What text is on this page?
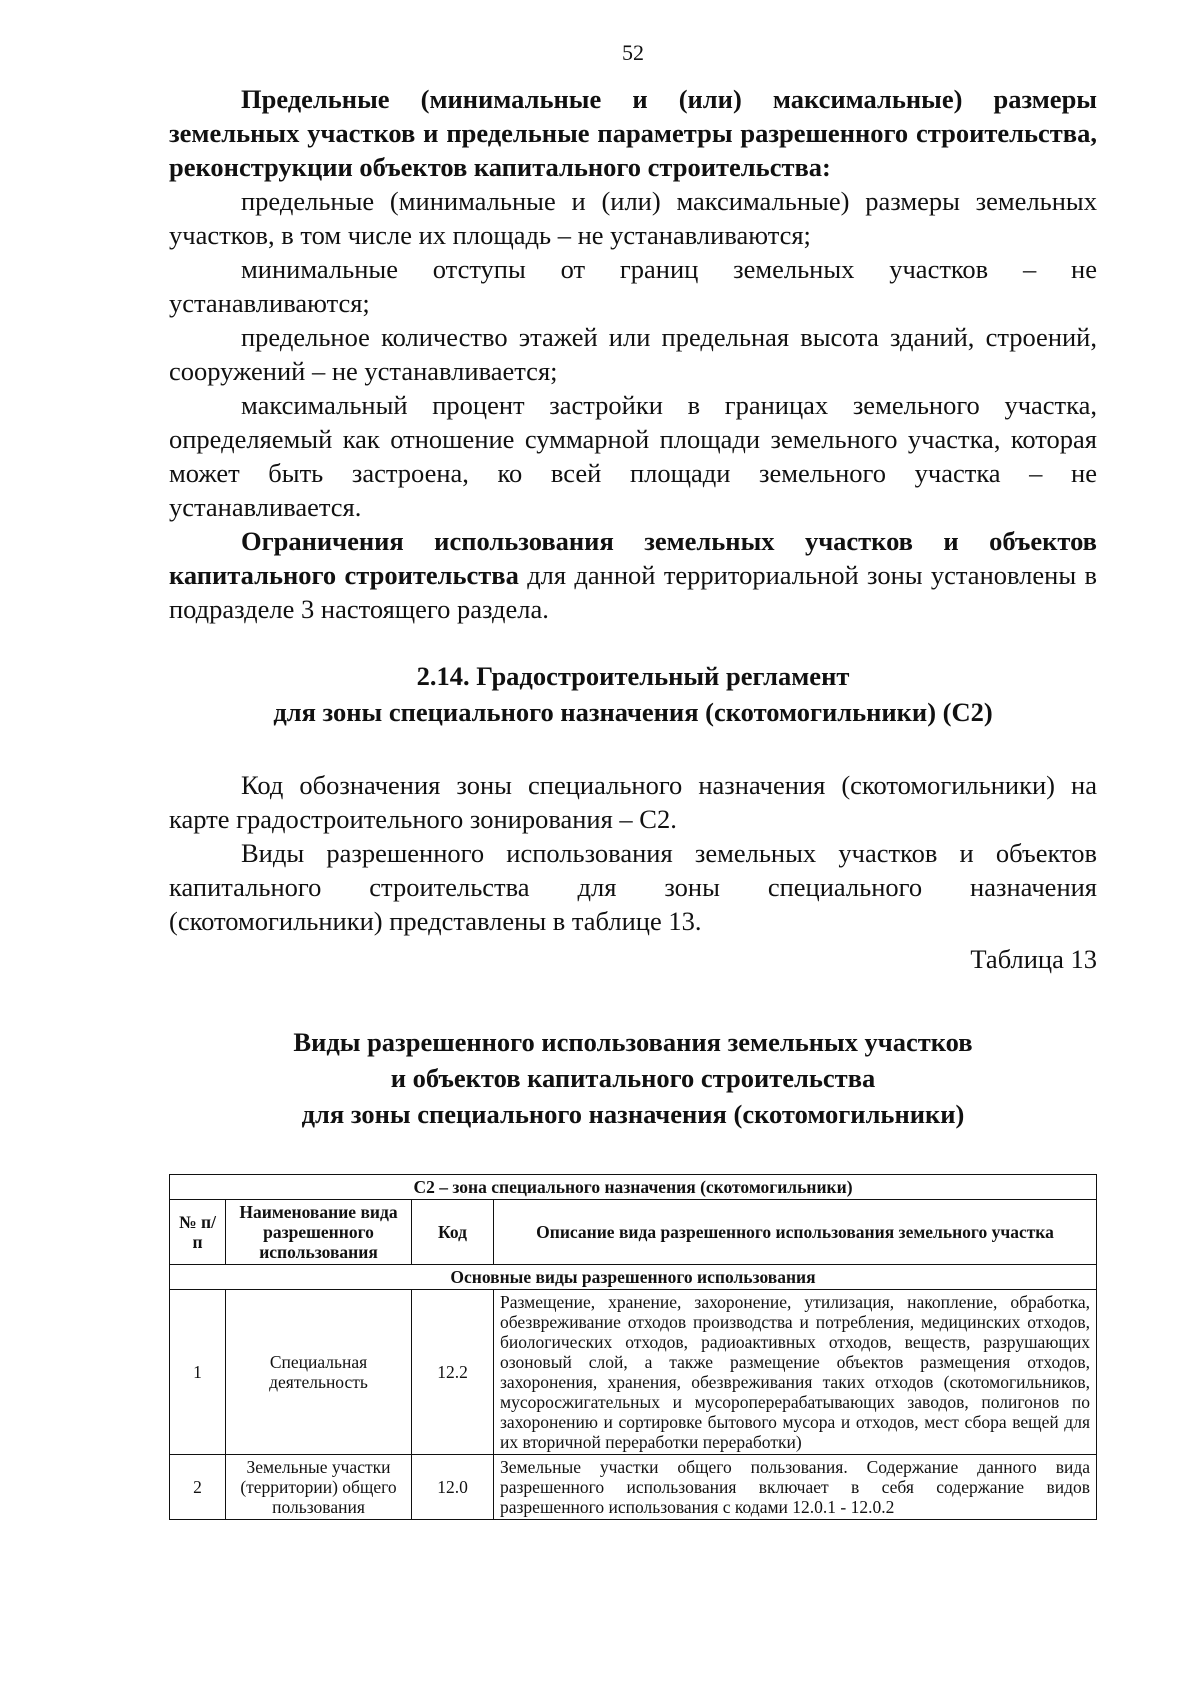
52

Предельные (минимальные и (или) максимальные) размеры земельных участков и предельные параметры разрешенного строительства, реконструкции объектов капитального строительства:

предельные (минимальные и (или) максимальные) размеры земельных участков, в том числе их площадь – не устанавливаются;

минимальные отступы от границ земельных участков – не устанавливаются;

предельное количество этажей или предельная высота зданий, строений, сооружений – не устанавливается;

максимальный процент застройки в границах земельного участка, определяемый как отношение суммарной площади земельного участка, которая может быть застроена, ко всей площади земельного участка – не устанавливается.

Ограничения использования земельных участков и объектов капитального строительства для данной территориальной зоны установлены в подразделе 3 настоящего раздела.

2.14. Градостроительный регламент
для зоны специального назначения (скотомогильники) (С2)

Код обозначения зоны специального назначения (скотомогильники) на карте градостроительного зонирования – С2.

Виды разрешенного использования земельных участков и объектов капитального строительства для зоны специального назначения (скотомогильники) представлены в таблице 13.

Таблица 13
Виды разрешенного использования земельных участков
и объектов капитального строительства
для зоны специального назначения (скотомогильники)
С2 – зона специального назначения (скотомогильники)			
№ п/п	Наименование вида разрешенного использования	Код	Описание вида разрешенного использования земельного участка
Основные виды разрешенного использования			
1	Специальная деятельность	12.2	Размещение, хранение, захоронение, утилизация, накопление, обработка, обезвреживание отходов производства и потребления, медицинских отходов, биологических отходов, радиоактивных отходов, веществ, разрушающих озоновый слой, а также размещение объектов размещения отходов, захоронения, хранения, обезвреживания таких отходов (скотомогильников, мусоросжигательных и мусороперерабатывающих заводов, полигонов по захоронению и сортировке бытового мусора и отходов, мест сбора вещей для их вторичной переработки переработки)
2	Земельные участки (территории) общего пользования	12.0	Земельные участки общего пользования. Содержание данного вида разрешенного использования включает в себя содержание видов разрешенного использования с кодами 12.0.1 - 12.0.2
